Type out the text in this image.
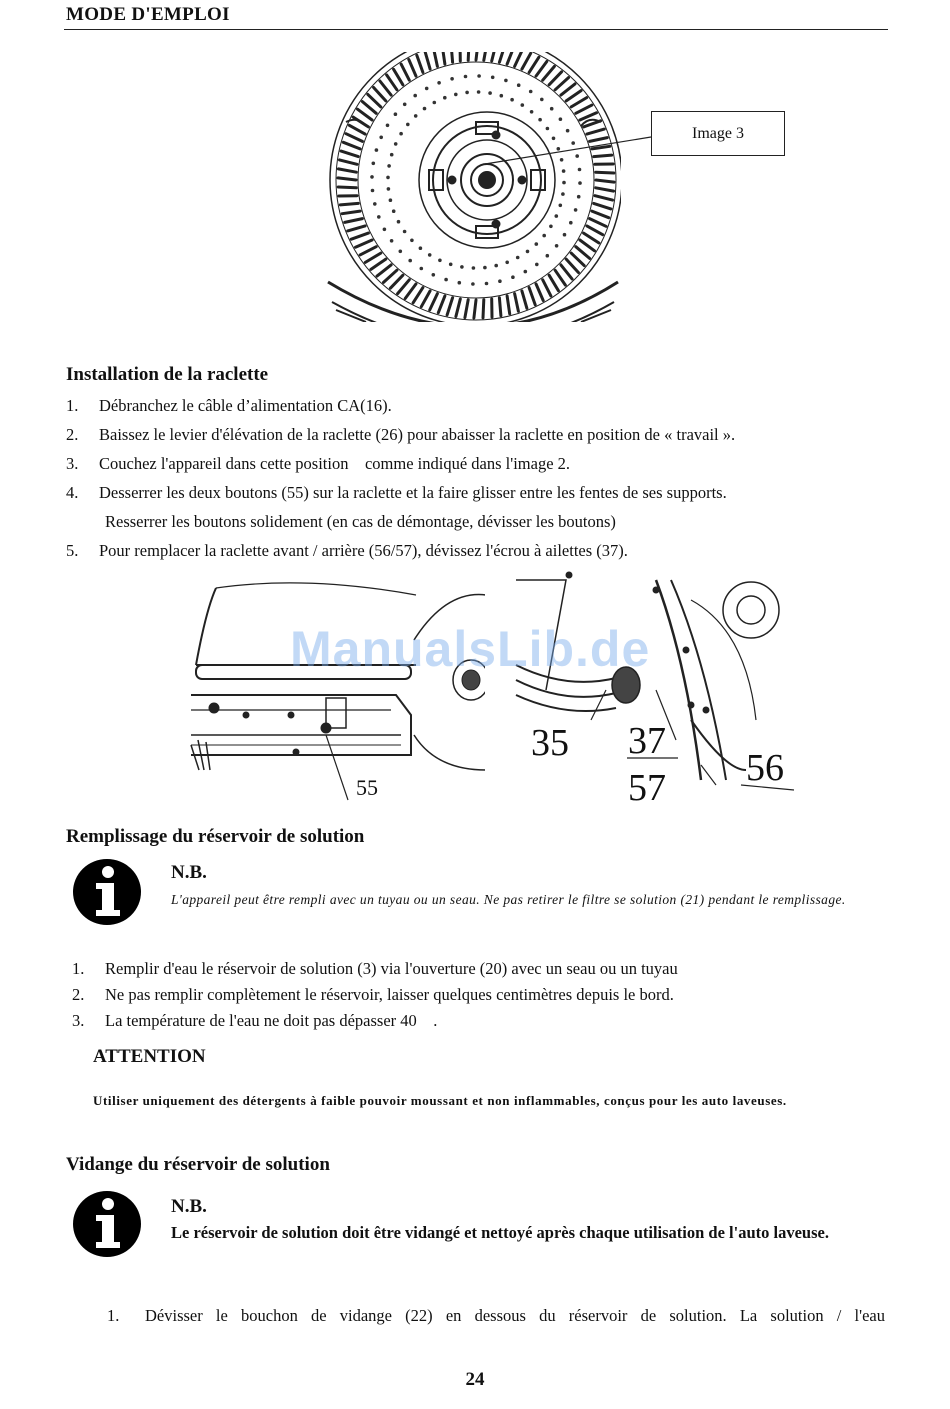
MODE D'EMPLOI
Image 3
Installation de la raclette
1. Débranchez le câble d’alimentation CA(16).
2. Baissez le levier d'élévation de la raclette (26) pour abaisser la raclette en position de « travail ».
3. Couchez l'appareil dans cette position    comme indiqué dans l'image 2.
4. Desserrer les deux boutons (55) sur la raclette et la faire glisser entre les fentes de ses supports.
Resserrer les boutons solidement (en cas de démontage, dévisser les boutons)
5. Pour remplacer la raclette avant / arrière (56/57), dévissez l'écrou à ailettes (37).
55
35 37
57 56
ManualsLib.de
Remplissage du réservoir de solution
N.B.
L'appareil peut être rempli avec un tuyau ou un seau. Ne pas retirer le filtre se solution (21) pendant le remplissage.
1. Remplir d'eau le réservoir de solution (3) via l'ouverture (20) avec un seau ou un tuyau
2. Ne pas remplir complètement le réservoir, laisser quelques centimètres depuis le bord.
3. La température de l'eau ne doit pas dépasser 40    .
ATTENTION
Utiliser uniquement des détergents à faible pouvoir moussant et non inflammables, conçus pour les auto laveuses.
Vidange du réservoir de solution
N.B.
Le réservoir de solution doit être vidangé et nettoyé après chaque utilisation de l'auto laveuse.
1.	Dévisser le bouchon de vidange (22) en dessous du réservoir de solution. La solution / l'eau
24
